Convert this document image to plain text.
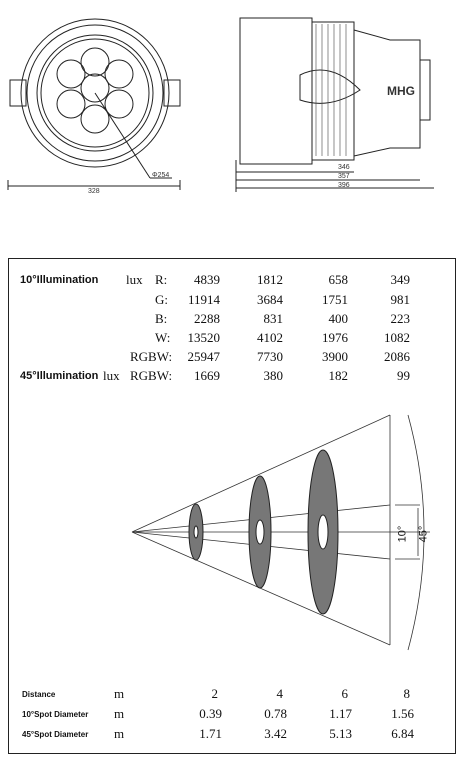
Φ254
328
346
357
396
MHG
10°Illumination lux R:	4839	1812	658	349
G:	11914	3684	1751	981
B:	2288	831	400	223
W:	13520	4102	1976	1082
RGBW:	25947	7730	3900	2086
45°Illumination lux RGBW:	1669	380	182	99
10° 45°
Distance	m	2	4	6	8
10°Spot Diameter m	0.39	0.78	1.17	1.56
45°Spot Diameter m	1.71	3.42	5.13	6.84
